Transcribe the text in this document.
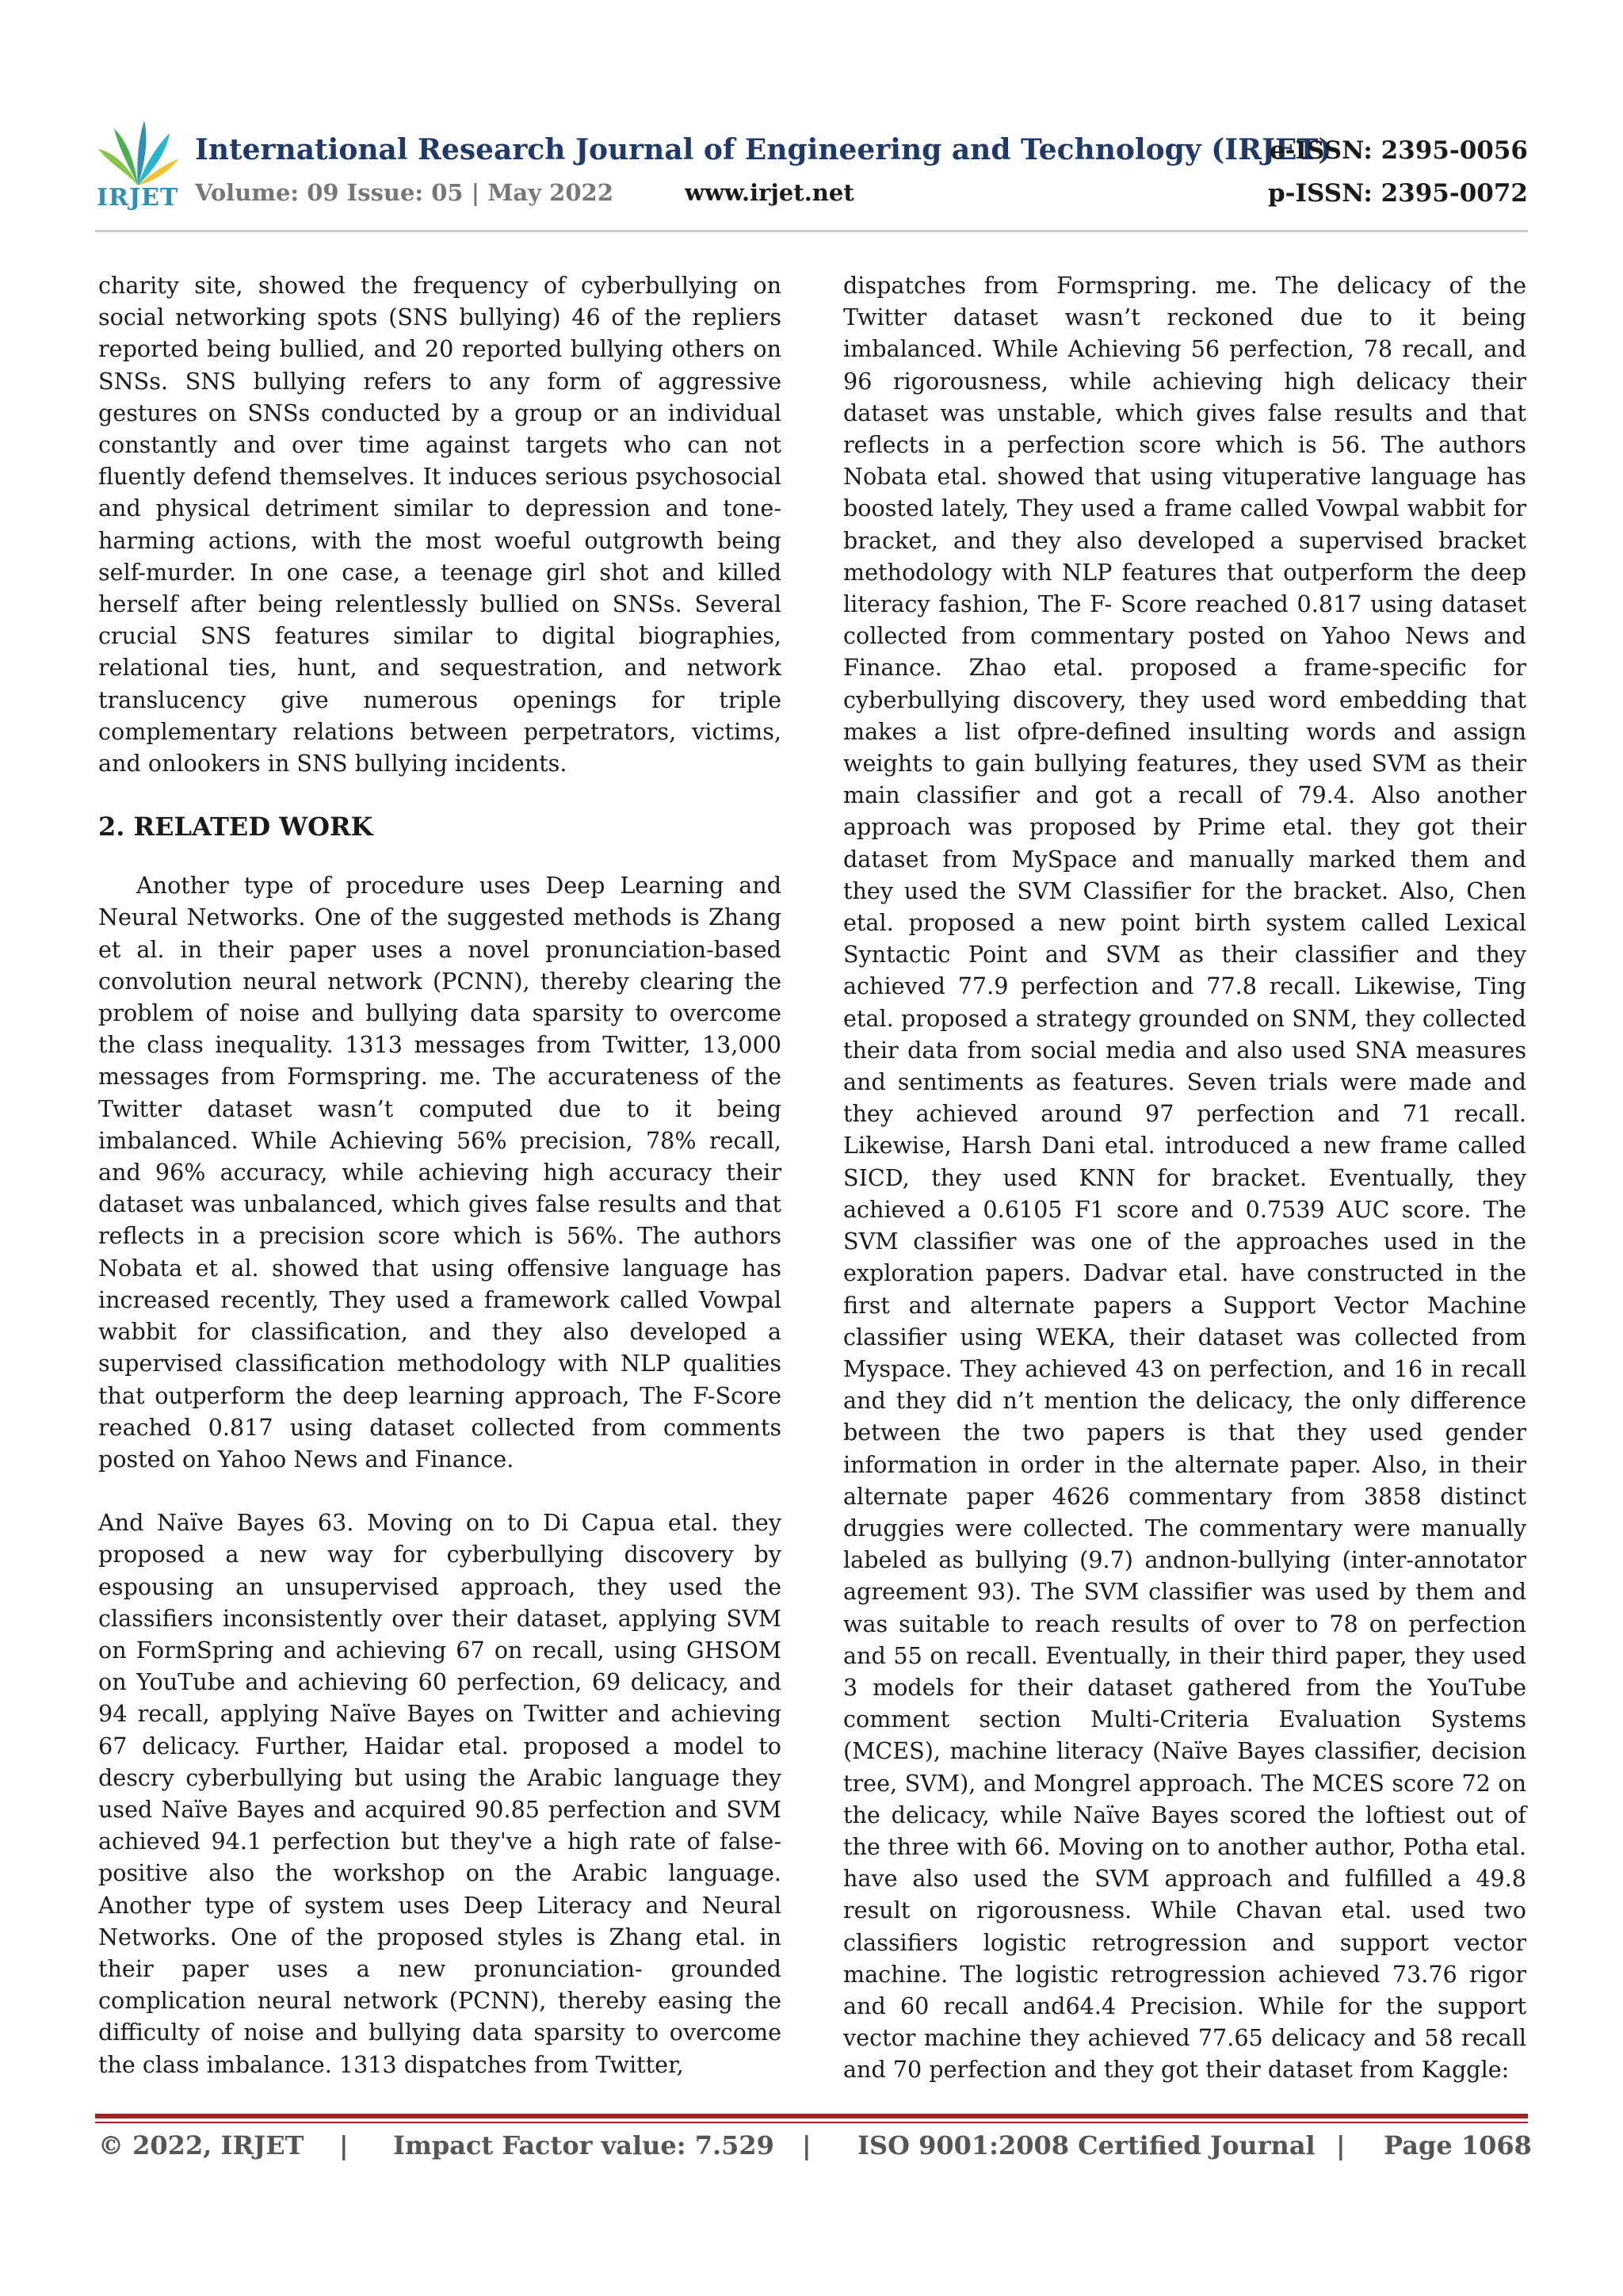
IRJET
International Research Journal of Engineering and Technology (IRJET)
e-ISSN: 2395-0056
Volume: 09 Issue: 05 | May 2022	www.irjet.net	p-ISSN: 2395-0072

charity site, showed the frequency of cyberbullying on social networking spots (SNS bullying) 46 of the repliers reported being bullied, and 20 reported bullying others on SNSs. SNS bullying refers to any form of aggressive gestures on SNSs conducted by a group or an individual constantly and over time against targets who can not fluently defend themselves. It induces serious psychosocial and physical detriment similar to depression and tone-harming actions, with the most woeful outgrowth being self-murder. In one case, a teenage girl shot and killed herself after being relentlessly bullied on SNSs. Several crucial SNS features similar to digital biographies, relational ties, hunt, and sequestration, and network translucency give numerous openings for triple complementary relations between perpetrators, victims, and onlookers in SNS bullying incidents.

2. RELATED WORK

Another type of procedure uses Deep Learning and Neural Networks. One of the suggested methods is Zhang et al. in their paper uses a novel pronunciation-based convolution neural network (PCNN), thereby clearing the problem of noise and bullying data sparsity to overcome the class inequality. 1313 messages from Twitter, 13,000 messages from Formspring. me. The accurateness of the Twitter dataset wasn’t computed due to it being imbalanced. While Achieving 56% precision, 78% recall, and 96% accuracy, while achieving high accuracy their dataset was unbalanced, which gives false results and that reflects in a precision score which is 56%. The authors Nobata et al. showed that using offensive language has increased recently, They used a framework called Vowpal wabbit for classification, and they also developed a supervised classification methodology with NLP qualities that outperform the deep learning approach, The F-Score reached 0.817 using dataset collected from comments posted on Yahoo News and Finance.

And Naïve Bayes 63. Moving on to Di Capua etal. they proposed a new way for cyberbullying discovery by espousing an unsupervised approach, they used the classifiers inconsistently over their dataset, applying SVM on FormSpring and achieving 67 on recall, using GHSOM on YouTube and achieving 60 perfection, 69 delicacy, and 94 recall, applying Naïve Bayes on Twitter and achieving 67 delicacy. Further, Haidar etal. proposed a model to descry cyberbullying but using the Arabic language they used Naïve Bayes and acquired 90.85 perfection and SVM achieved 94.1 perfection but they've a high rate of false-positive also the workshop on the Arabic language. Another type of system uses Deep Literacy and Neural Networks. One of the proposed styles is Zhang etal. in their paper uses a new pronunciation- grounded complication neural network (PCNN), thereby easing the difficulty of noise and bullying data sparsity to overcome the class imbalance. 1313 dispatches from Twitter,

dispatches from Formspring. me. The delicacy of the Twitter dataset wasn’t reckoned due to it being imbalanced. While Achieving 56 perfection, 78 recall, and 96 rigorousness, while achieving high delicacy their dataset was unstable, which gives false results and that reflects in a perfection score which is 56. The authors Nobata etal. showed that using vituperative language has boosted lately, They used a frame called Vowpal wabbit for bracket, and they also developed a supervised bracket methodology with NLP features that outperform the deep literacy fashion, The F- Score reached 0.817 using dataset collected from commentary posted on Yahoo News and Finance. Zhao etal. proposed a frame-specific for cyberbullying discovery, they used word embedding that makes a list ofpre-defined insulting words and assign weights to gain bullying features, they used SVM as their main classifier and got a recall of 79.4. Also another approach was proposed by Prime etal. they got their dataset from MySpace and manually marked them and they used the SVM Classifier for the bracket. Also, Chen etal. proposed a new point birth system called Lexical Syntactic Point and SVM as their classifier and they achieved 77.9 perfection and 77.8 recall. Likewise, Ting etal. proposed a strategy grounded on SNM, they collected their data from social media and also used SNA measures and sentiments as features. Seven trials were made and they achieved around 97 perfection and 71 recall. Likewise, Harsh Dani etal. introduced a new frame called SICD, they used KNN for bracket. Eventually, they achieved a 0.6105 F1 score and 0.7539 AUC score. The SVM classifier was one of the approaches used in the exploration papers. Dadvar etal. have constructed in the first and alternate papers a Support Vector Machine classifier using WEKA, their dataset was collected from Myspace. They achieved 43 on perfection, and 16 in recall and they did n’t mention the delicacy, the only difference between the two papers is that they used gender information in order in the alternate paper. Also, in their alternate paper 4626 commentary from 3858 distinct druggies were collected. The commentary were manually labeled as bullying (9.7) andnon-bullying (inter-annotator agreement 93). The SVM classifier was used by them and was suitable to reach results of over to 78 on perfection and 55 on recall. Eventually, in their third paper, they used 3 models for their dataset gathered from the YouTube comment section Multi-Criteria Evaluation Systems (MCES), machine literacy (Naïve Bayes classifier, decision tree, SVM), and Mongrel approach. The MCES score 72 on the delicacy, while Naïve Bayes scored the loftiest out of the three with 66. Moving on to another author, Potha etal. have also used the SVM approach and fulfilled a 49.8 result on rigorousness. While Chavan etal. used two classifiers logistic retrogression and support vector machine. The logistic retrogression achieved 73.76 rigor and 60 recall and64.4 Precision. While for the support vector machine they achieved 77.65 delicacy and 58 recall and 70 perfection and they got their dataset from Kaggle:

© 2022, IRJET | Impact Factor value: 7.529 | ISO 9001:2008 Certified Journal | Page 1068
